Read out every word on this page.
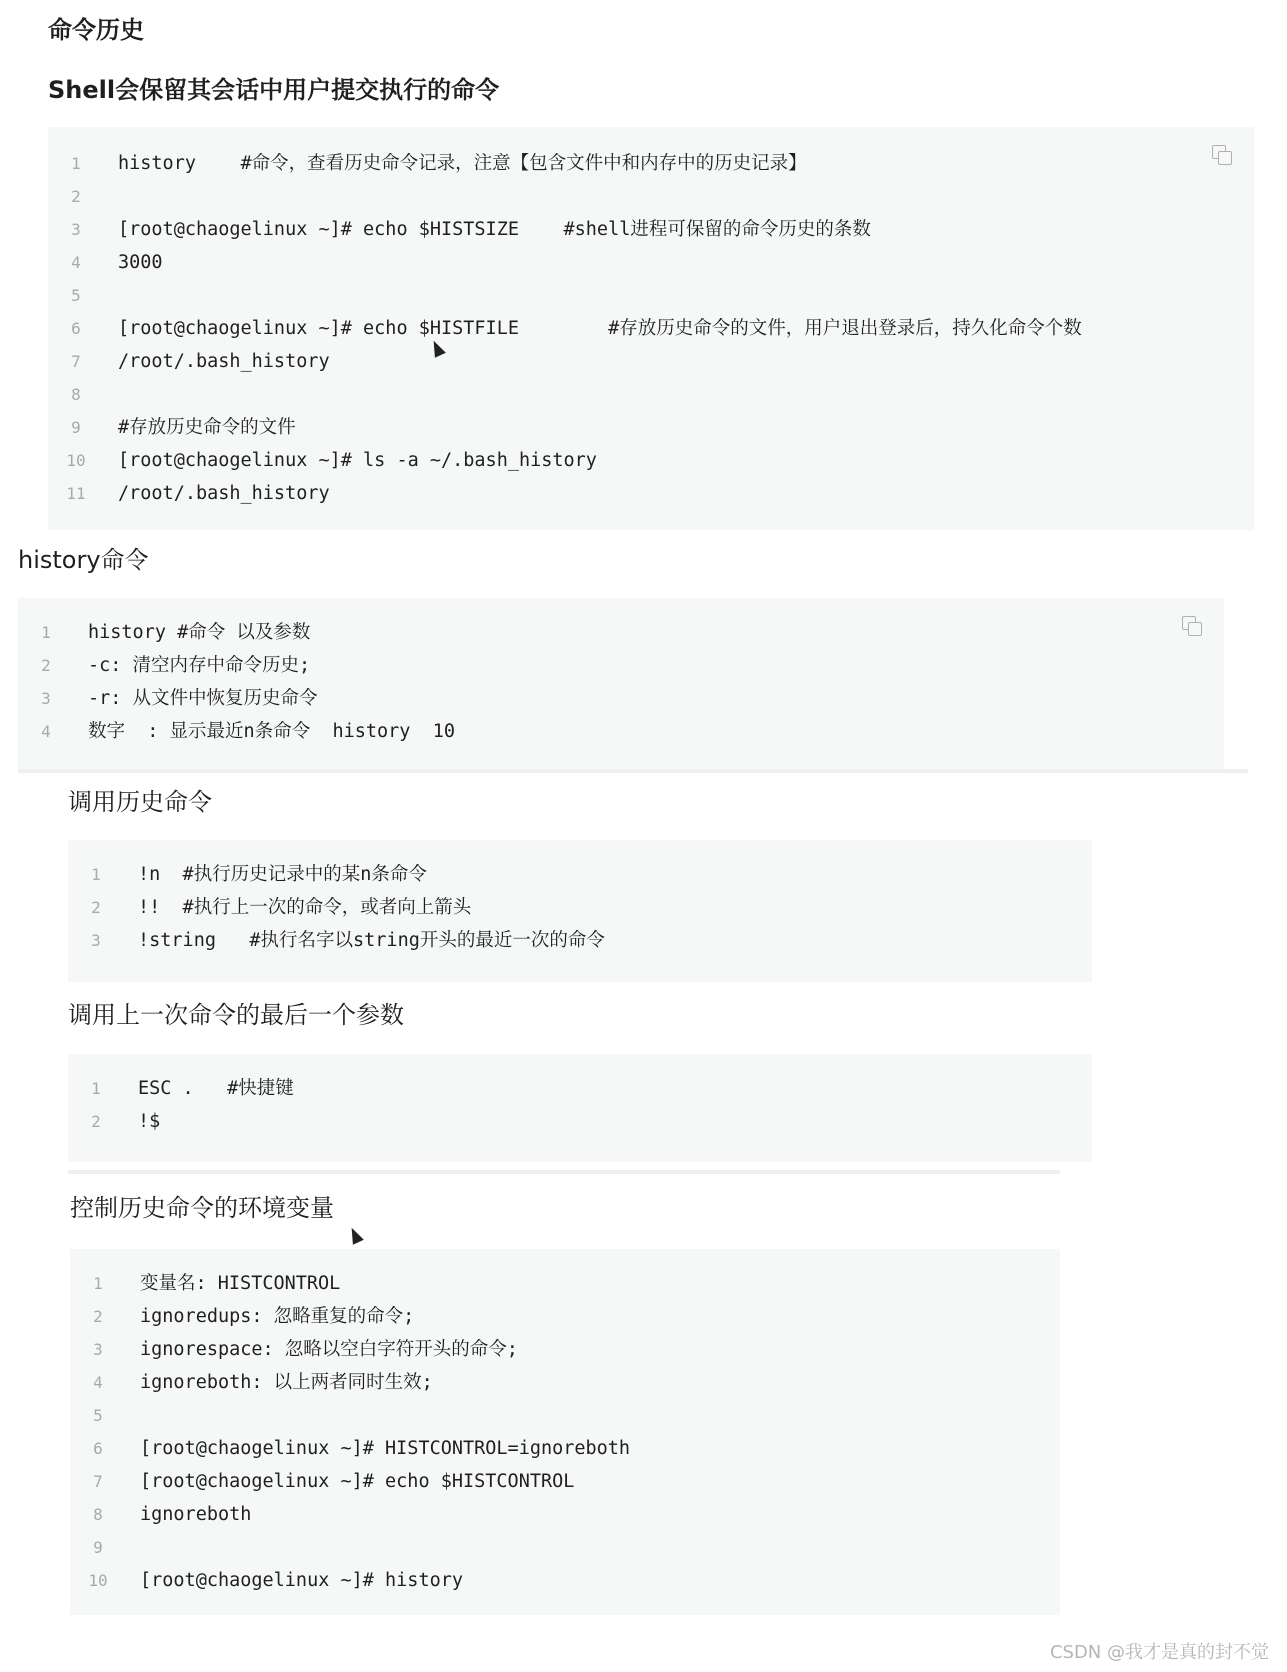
命令历史
Shell会保留其会话中用户提交执行的命令
1	history    #命令，查看历史命令记录，注意【包含文件中和内存中的历史记录】
2
3	[root@chaogelinux ~]# echo $HISTSIZE    #shell进程可保留的命令历史的条数
4	3000
5
6	[root@chaogelinux ~]# echo $HISTFILE        #存放历史命令的文件，用户退出登录后，持久化命令个数
7	/root/.bash_history
8
9	#存放历史命令的文件
10	[root@chaogelinux ~]# ls -a ~/.bash_history
11	/root/.bash_history
history命令
1	history #命令 以及参数
2	-c: 清空内存中命令历史;
3	-r: 从文件中恢复历史命令
4	数字  : 显示最近n条命令  history  10
调用历史命令
1	!n  #执行历史记录中的某n条命令
2	!!  #执行上一次的命令，或者向上箭头
3	!string   #执行名字以string开头的最近一次的命令
调用上一次命令的最后一个参数
1	ESC .   #快捷键
2	!$
控制历史命令的环境变量
1	变量名: HISTCONTROL
2	ignoredups: 忽略重复的命令;
3	ignorespace: 忽略以空白字符开头的命令;
4	ignoreboth: 以上两者同时生效;
5
6	[root@chaogelinux ~]# HISTCONTROL=ignoreboth
7	[root@chaogelinux ~]# echo $HISTCONTROL
8	ignoreboth
9
10	[root@chaogelinux ~]# history
CSDN @我才是真的封不觉
